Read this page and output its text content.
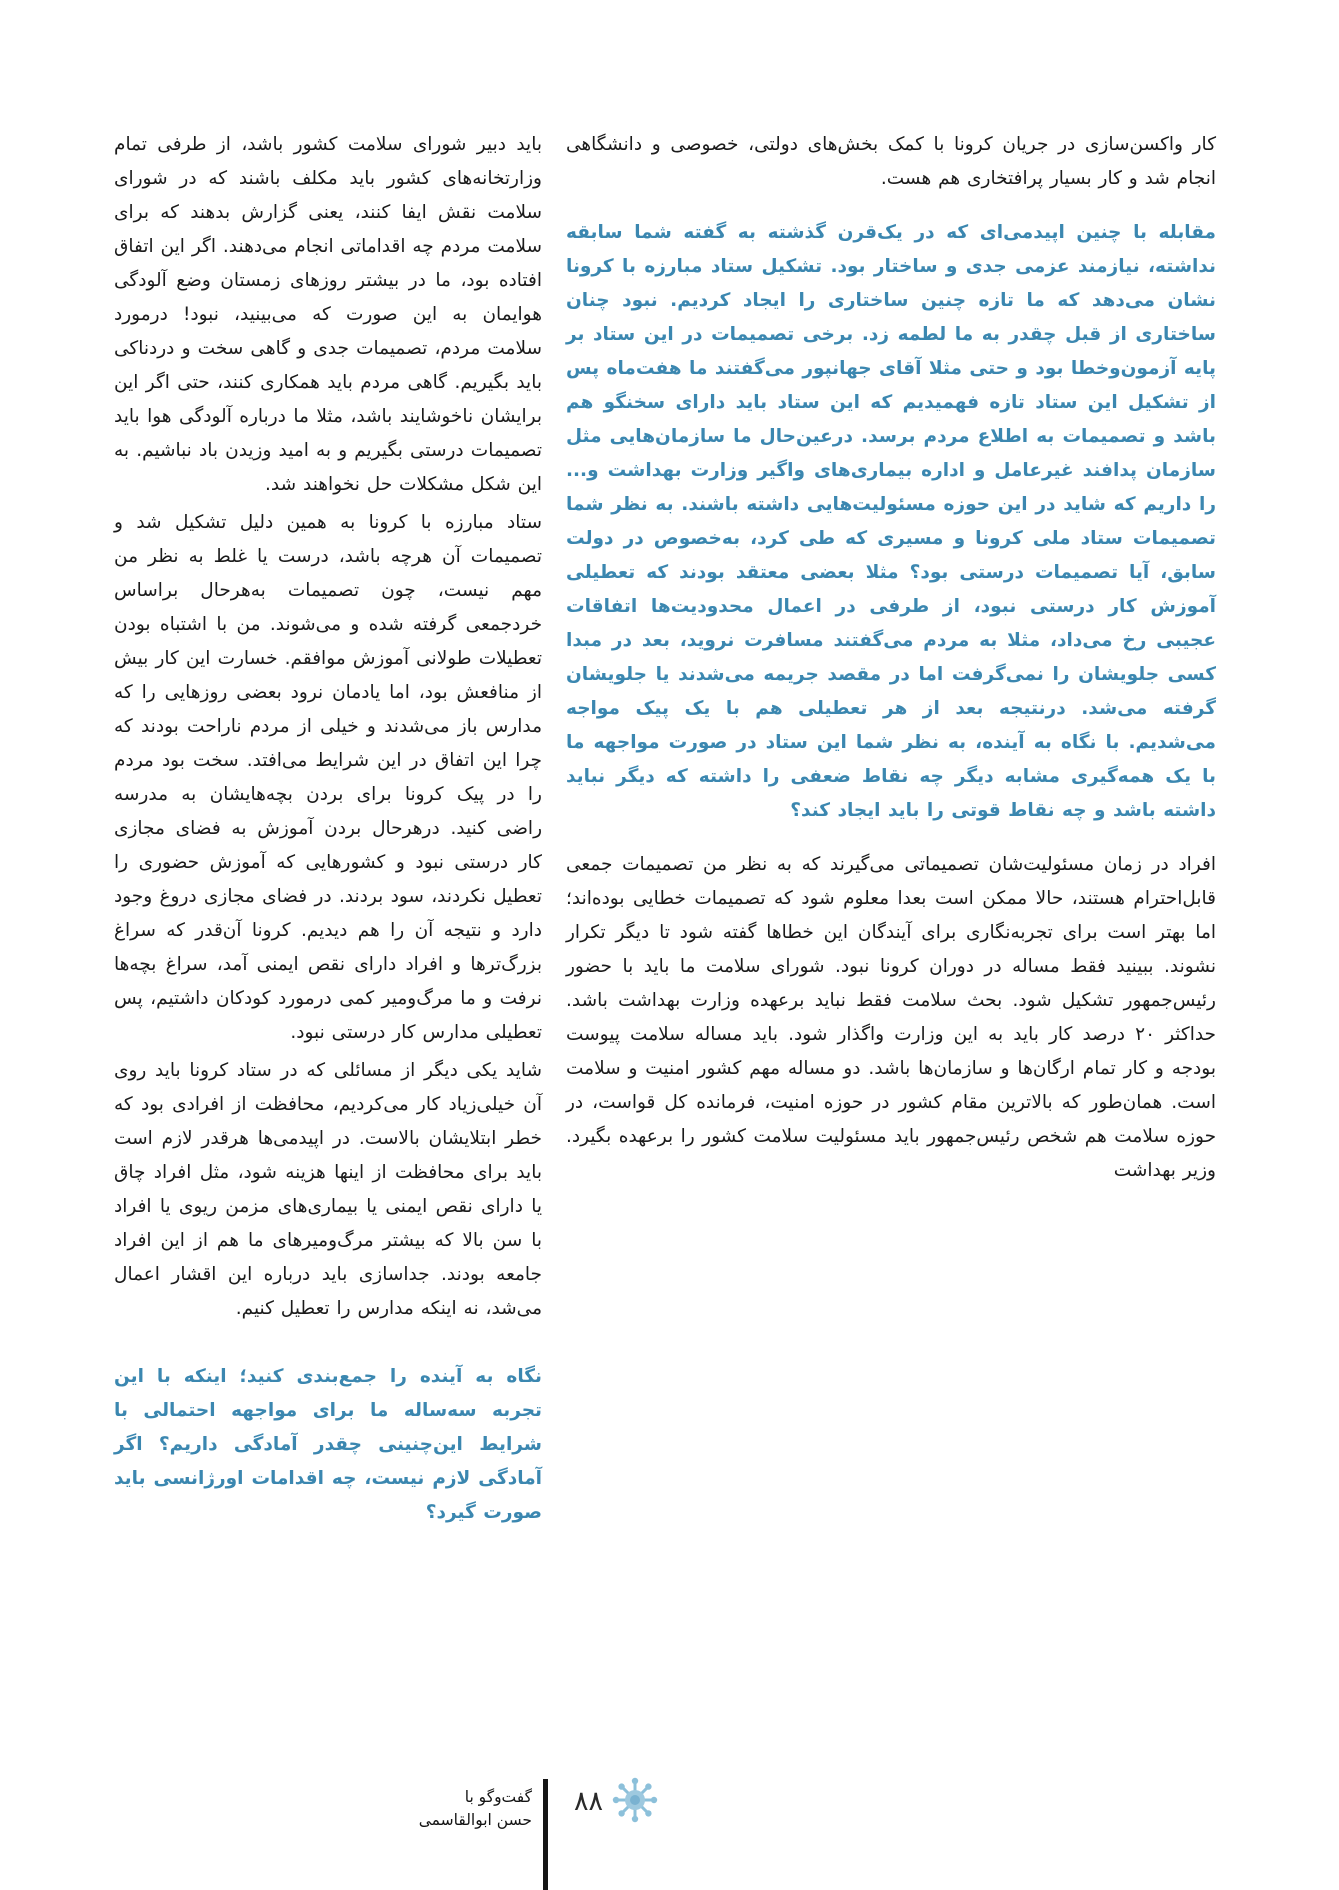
کار واکسن‌سازی در جریان کرونا با کمک بخش‌های دولتی، خصوصی و دانشگاهی انجام شد و کار بسیار پرافتخاری هم هست.

مقابله با چنین اپیدمی‌ای که در یک‌قرن گذشته به گفته شما سابقه نداشته، نیازمند عزمی جدی و ساختار بود. تشکیل ستاد مبارزه با کرونا نشان می‌دهد که ما تازه چنین ساختاری را ایجاد کردیم. نبود چنان ساختاری از قبل چقدر به ما لطمه زد. برخی تصمیمات در این ستاد بر پایه آزمون‌وخطا بود و حتی مثلا آقای جهانپور می‌گفتند ما هفت‌ماه پس از تشکیل این ستاد تازه فهمیدیم که این ستاد باید دارای سخنگو هم باشد و تصمیمات به اطلاع مردم برسد. درعین‌حال ما سازمان‌هایی مثل سازمان پدافند غیرعامل و اداره بیماری‌های واگیر وزارت بهداشت و... را داریم که شاید در این حوزه مسئولیت‌هایی داشته باشند. به نظر شما تصمیمات ستاد ملی کرونا و مسیری که طی کرد، به‌خصوص در دولت سابق، آیا تصمیمات درستی بود؟ مثلا بعضی معتقد بودند که تعطیلی آموزش کار درستی نبود، از طرفی در اعمال محدودیت‌ها اتفاقات عجیبی رخ می‌داد، مثلا به مردم می‌گفتند مسافرت نروید، بعد در مبدا کسی جلویشان را نمی‌گرفت اما در مقصد جریمه می‌شدند یا جلویشان گرفته می‌شد. درنتیجه بعد از هر تعطیلی هم با یک پیک مواجه می‌شدیم. با نگاه به آینده، به نظر شما این ستاد در صورت مواجهه ما با یک همه‌گیری مشابه دیگر چه نقاط ضعفی را داشته که دیگر نباید داشته باشد و چه نقاط قوتی را باید ایجاد کند؟

افراد در زمان مسئولیت‌شان تصمیماتی می‌گیرند که به نظر من تصمیمات جمعی قابل‌احترام هستند، حالا ممکن است بعدا معلوم شود که تصمیمات خطایی بوده‌اند؛ اما بهتر است برای تجربه‌نگاری برای آیندگان این خطاها گفته شود تا دیگر تکرار نشوند. ببینید فقط مساله در دوران کرونا نبود. شورای سلامت ما باید با حضور رئیس‌جمهور تشکیل شود. بحث سلامت فقط نباید برعهده وزارت بهداشت باشد. حداکثر ۲۰ درصد کار باید به این وزارت واگذار شود. باید مساله سلامت پیوست بودجه و کار تمام ارگان‌ها و سازمان‌ها باشد. دو مساله مهم کشور امنیت و سلامت است. همان‌طور که بالاترین مقام کشور در حوزه امنیت، فرمانده کل قواست، در حوزه سلامت هم شخص رئیس‌جمهور باید مسئولیت سلامت کشور را برعهده بگیرد. وزیر بهداشت

باید دبیر شورای سلامت کشور باشد، از طرفی تمام وزارتخانه‌های کشور باید مکلف باشند که در شورای سلامت نقش ایفا کنند، یعنی گزارش بدهند که برای سلامت مردم چه اقداماتی انجام می‌دهند. اگر این اتفاق افتاده بود، ما در بیشتر روزهای زمستان وضع آلودگی هوایمان به این صورت که می‌بینید، نبود! درمورد سلامت مردم، تصمیمات جدی و گاهی سخت و دردناکی باید بگیریم. گاهی مردم باید همکاری کنند، حتی اگر این برایشان ناخوشایند باشد، مثلا ما درباره آلودگی هوا باید تصمیمات درستی بگیریم و به امید وزیدن باد نباشیم. به این شکل مشکلات حل نخواهند شد.

ستاد مبارزه با کرونا به همین دلیل تشکیل شد و تصمیمات آن هرچه باشد، درست یا غلط به نظر من مهم نیست، چون تصمیمات به‌هرحال براساس خردجمعی گرفته شده و می‌شوند. من با اشتباه بودن تعطیلات طولانی آموزش موافقم. خسارت این کار بیش از منافعش بود، اما یادمان نرود بعضی روزهایی را که مدارس باز می‌شدند و خیلی از مردم ناراحت بودند که چرا این اتفاق در این شرایط می‌افتد. سخت بود مردم را در پیک کرونا برای بردن بچه‌هایشان به مدرسه راضی کنید. درهرحال بردن آموزش به فضای مجازی کار درستی نبود و کشورهایی که آموزش حضوری را تعطیل نکردند، سود بردند. در فضای مجازی دروغ وجود دارد و نتیجه آن را هم دیدیم. کرونا آن‌قدر که سراغ بزرگ‌ترها و افراد دارای نقص ایمنی آمد، سراغ بچه‌ها نرفت و ما مرگ‌ومیر کمی درمورد کودکان داشتیم، پس تعطیلی مدارس کار درستی نبود.

شاید یکی دیگر از مسائلی که در ستاد کرونا باید روی آن خیلی‌زیاد کار می‌کردیم، محافظت از افرادی بود که خطر ابتلایشان بالاست. در اپیدمی‌ها هرقدر لازم است باید برای محافظت از اینها هزینه شود، مثل افراد چاق یا دارای نقص ایمنی یا بیماری‌های مزمن ریوی یا افراد با سن بالا که بیشتر مرگ‌ومیرهای ما هم از این افراد جامعه بودند. جداسازی باید درباره این اقشار اعمال می‌شد، نه اینکه مدارس را تعطیل کنیم.

نگاه به آینده را جمع‌بندی کنید؛ اینکه با این تجربه سه‌ساله ما برای مواجهه احتمالی با شرایط این‌چنینی چقدر آمادگی داریم؟ اگر آمادگی لازم نیست، چه اقدامات اورژانسی باید صورت گیرد؟

گفت‌وگو با
حسن ابوالقاسمی
۸۸
